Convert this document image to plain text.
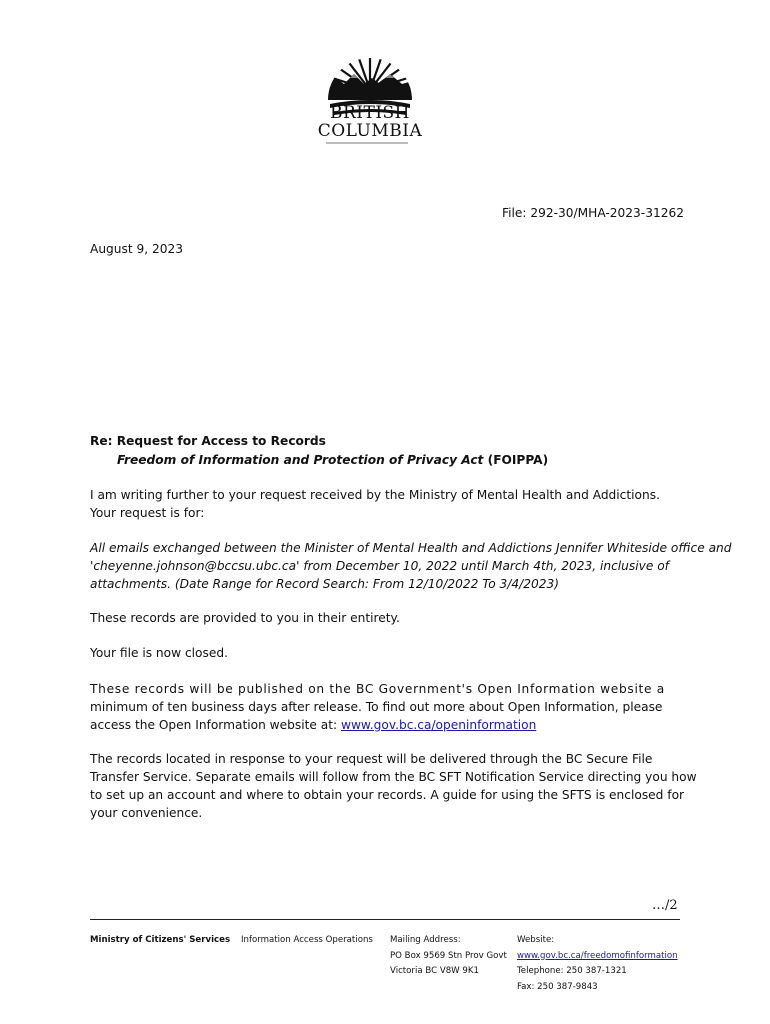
BRITISH
COLUMBIA
File: 292-30/MHA-2023-31262
August 9, 2023
Re: Request for Access to Records
Freedom of Information and Protection of Privacy Act (FOIPPA)
I am writing further to your request received by the Ministry of Mental Health and Addictions.
Your request is for:
All emails exchanged between the Minister of Mental Health and Addictions Jennifer Whiteside office and
'cheyenne.johnson@bccsu.ubc.ca' from December 10, 2022 until March 4th, 2023, inclusive of
attachments. (Date Range for Record Search: From 12/10/2022 To 3/4/2023)
These records are provided to you in their entirety.
Your file is now closed.
These records will be published on the BC Government's Open Information website a
minimum of ten business days after release. To find out more about Open Information, please
access the Open Information website at: www.gov.bc.ca/openinformation
The records located in response to your request will be delivered through the BC Secure File
Transfer Service. Separate emails will follow from the BC SFT Notification Service directing you how
to set up an account and where to obtain your records. A guide for using the SFTS is enclosed for
your convenience.
…/2
Ministry of Citizens' Services Information Access Operations Mailing Address:
PO Box 9569 Stn Prov Govt
Victoria BC V8W 9K1
Website:
www.gov.bc.ca/freedomofinformation
Telephone: 250 387-1321
Fax: 250 387-9843
